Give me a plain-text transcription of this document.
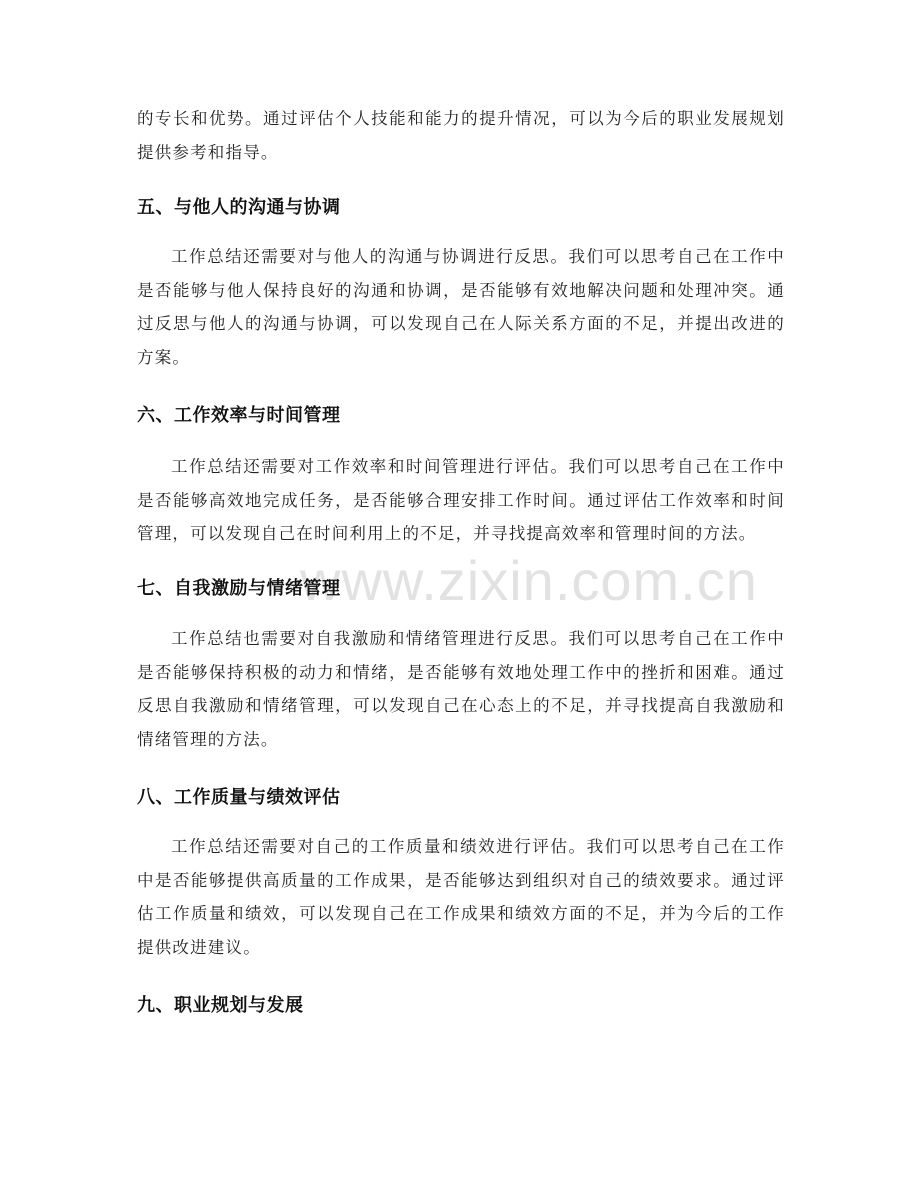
www.zixin.com.cn

的专长和优势。通过评估个人技能和能力的提升情况，可以为今后的职业发展规划提供参考和指导。

五、与他人的沟通与协调

工作总结还需要对与他人的沟通与协调进行反思。我们可以思考自己在工作中是否能够与他人保持良好的沟通和协调，是否能够有效地解决问题和处理冲突。通过反思与他人的沟通与协调，可以发现自己在人际关系方面的不足，并提出改进的方案。

六、工作效率与时间管理

工作总结还需要对工作效率和时间管理进行评估。我们可以思考自己在工作中是否能够高效地完成任务，是否能够合理安排工作时间。通过评估工作效率和时间管理，可以发现自己在时间利用上的不足，并寻找提高效率和管理时间的方法。

七、自我激励与情绪管理

工作总结也需要对自我激励和情绪管理进行反思。我们可以思考自己在工作中是否能够保持积极的动力和情绪，是否能够有效地处理工作中的挫折和困难。通过反思自我激励和情绪管理，可以发现自己在心态上的不足，并寻找提高自我激励和情绪管理的方法。

八、工作质量与绩效评估

工作总结还需要对自己的工作质量和绩效进行评估。我们可以思考自己在工作中是否能够提供高质量的工作成果，是否能够达到组织对自己的绩效要求。通过评估工作质量和绩效，可以发现自己在工作成果和绩效方面的不足，并为今后的工作提供改进建议。

九、职业规划与发展
